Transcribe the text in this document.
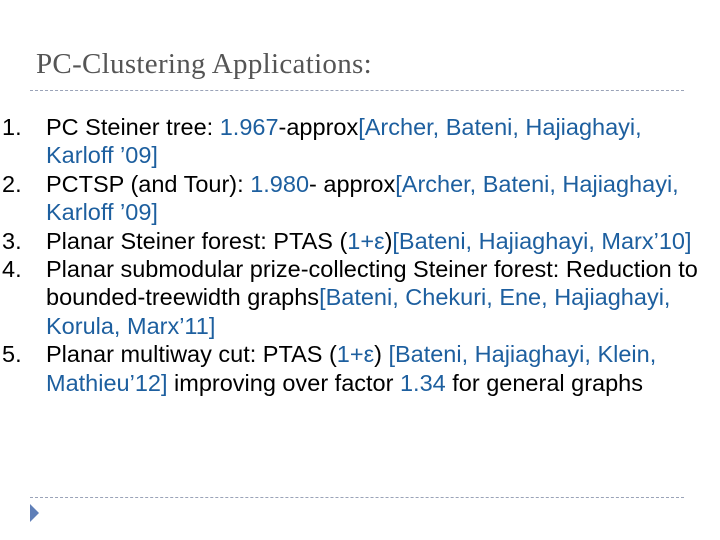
PC-Clustering Applications:
1.	PC Steiner tree: 1.967-approx[Archer, Bateni, Hajiaghayi, Karloff ’09]
2.	PCTSP (and Tour): 1.980- approx[Archer, Bateni, Hajiaghayi, Karloff ’09]
3.	Planar Steiner forest: PTAS (1+ε)[Bateni, Hajiaghayi, Marx’10]
4.	Planar submodular prize-collecting Steiner forest: Reduction to bounded-treewidth graphs[Bateni, Chekuri, Ene, Hajiaghayi, Korula, Marx’11]
5.	Planar multiway cut: PTAS (1+ε) [Bateni, Hajiaghayi, Klein, Mathieu’12] improving over factor 1.34 for general graphs
